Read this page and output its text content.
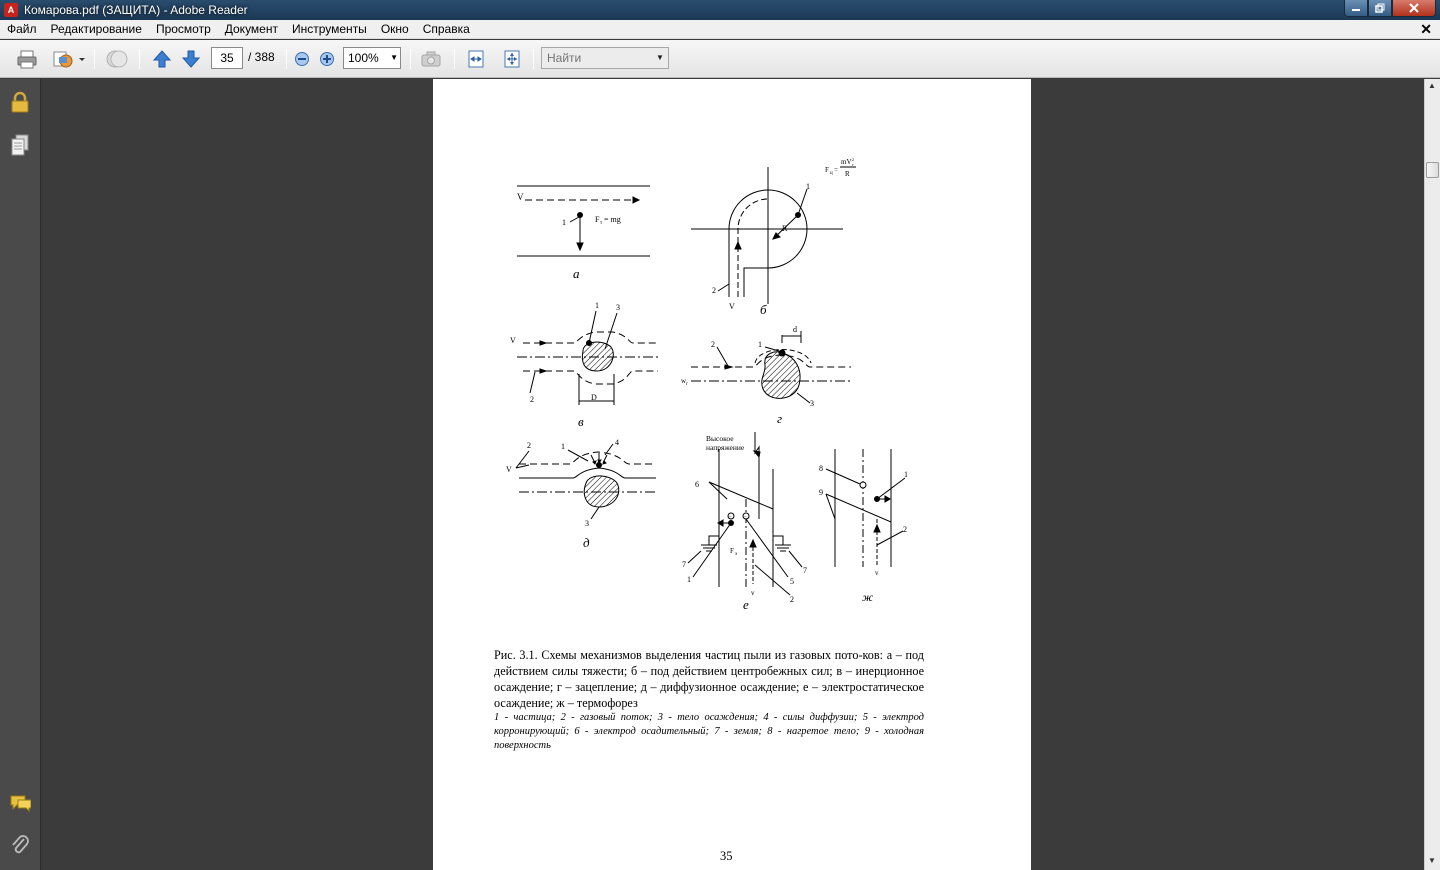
A Комарова.pdf (ЗАЩИТА) - Adobe Reader
Файл	Редактирование	Просмотр	Документ	Инструменты	Окно	Справка	✕
35
/ 388	100% ▼
Найти	▼
▲
▼
V
1	F т = mg
а
R
1
2
V
F ц =
mV г
2
R
б
D
1 3
V
2
в
d
1
2
3
w г
г
V
2	1	4
3
д
Высокое
напряжение
6
7
7
− −
F э
v
1	5
2
е
8
1
9
2
v
ж
Рис. 3.1. Схемы механизмов выделения частиц пыли из газовых пото-ков: а – под действием силы тяжести; б – под действием центробежных сил; в – инерционное осаждение; г – зацепление; д – диффузионное осаждение; е – электростатическое осаждение; ж – термофорез
1 - частица; 2 - газовый поток; 3 - тело осаждения; 4 - силы диффузии; 5 - электрод корронирующий; 6 - электрод осадительный; 7 - земля; 8 - нагретое тело; 9 - холодная поверхность
35
